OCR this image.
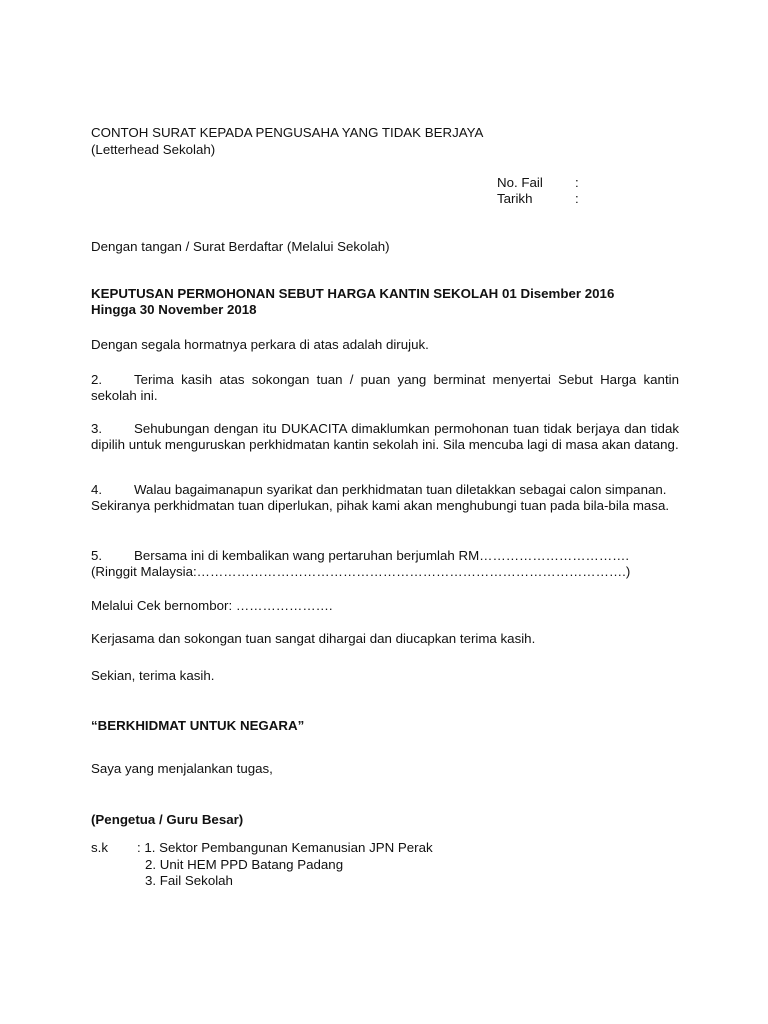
CONTOH SURAT KEPADA PENGUSAHA YANG TIDAK BERJAYA
(Letterhead Sekolah)
No. Fail :
Tarikh	:
Dengan tangan / Surat Berdaftar (Melalui Sekolah)
KEPUTUSAN PERMOHONAN SEBUT HARGA KANTIN SEKOLAH 01 Disember 2016
Hingga 30 November 2018
Dengan segala hormatnya perkara di atas adalah dirujuk.
2. Terima kasih atas sokongan tuan / puan yang berminat menyertai Sebut Harga kantin sekolah ini.
3. Sehubungan dengan itu DUKACITA dimaklumkan permohonan tuan tidak berjaya dan tidak dipilih untuk menguruskan perkhidmatan kantin sekolah ini. Sila mencuba lagi di masa akan datang.
4. Walau bagaimanapun syarikat dan perkhidmatan tuan diletakkan sebagai calon simpanan. Sekiranya perkhidmatan tuan diperlukan, pihak kami akan menghubungi tuan pada bila-bila masa.
5. Bersama ini di kembalikan wang pertaruhan berjumlah RM…………………………….
(Ringgit Malaysia:…………………………………………………………………………………….)
Melalui Cek bernombor: ………………….
Kerjasama dan sokongan tuan sangat dihargai dan diucapkan terima kasih.
Sekian, terima kasih.
“BERKHIDMAT UNTUK NEGARA”
Saya yang menjalankan tugas,
(Pengetua / Guru Besar)
s.k : 1. Sektor Pembangunan Kemanusian JPN Perak
2. Unit HEM PPD Batang Padang
3. Fail Sekolah
